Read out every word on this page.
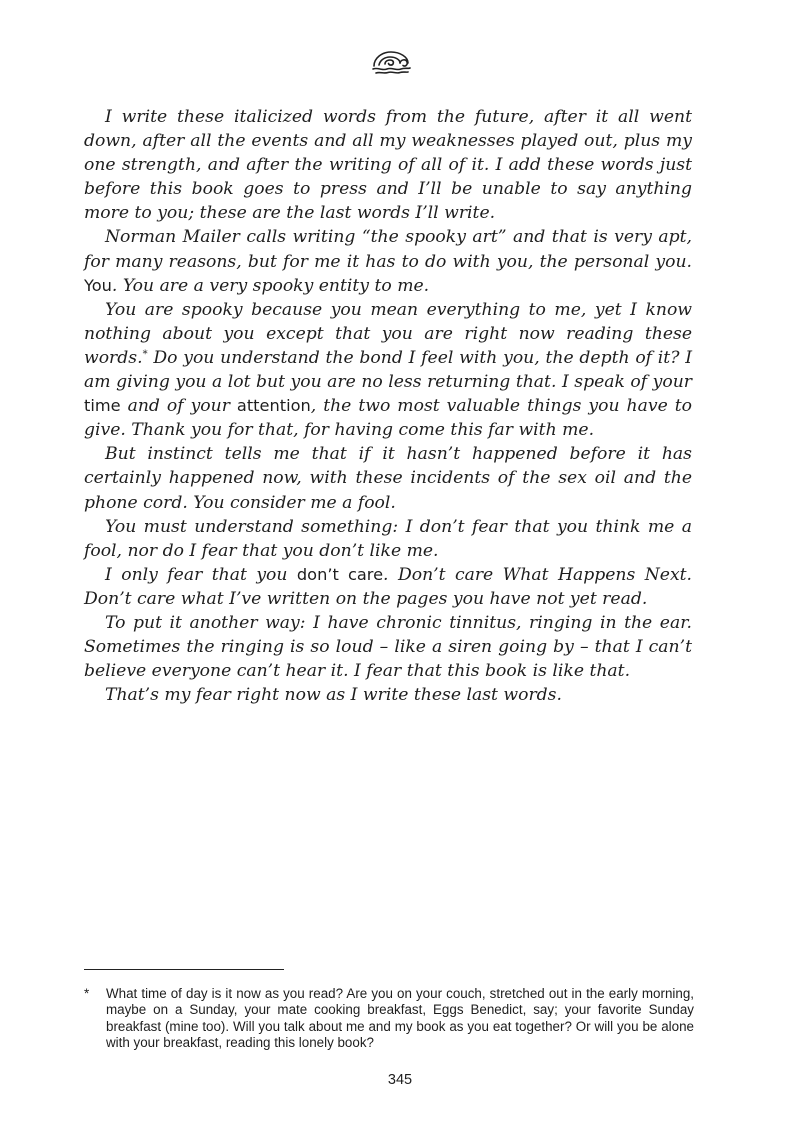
I write these italicized words from the future, after it all went down, after all the events and all my weaknesses played out, plus my one strength, and after the writing of all of it. I add these words just before this book goes to press and I’ll be unable to say anything more to you; these are the last words I’ll write.

Norman Mailer calls writing “the spooky art” and that is very apt, for many reasons, but for me it has to do with you, the personal you. You. You are a very spooky entity to me.

You are spooky because you mean everything to me, yet I know nothing about you except that you are right now reading these words.* Do you understand the bond I feel with you, the depth of it? I am giving you a lot but you are no less returning that. I speak of your time and of your attention, the two most valuable things you have to give. Thank you for that, for having come this far with me.

But instinct tells me that if it hasn’t happened before it has certainly happened now, with these incidents of the sex oil and the phone cord. You consider me a fool.

You must understand something: I don’t fear that you think me a fool, nor do I fear that you don’t like me.

I only fear that you don’t care. Don’t care What Happens Next. Don’t care what I’ve written on the pages you have not yet read.

To put it another way: I have chronic tinnitus, ringing in the ear. Sometimes the ringing is so loud – like a siren going by – that I can’t believe everyone can’t hear it. I fear that this book is like that.

That’s my fear right now as I write these last words.

*	What time of day is it now as you read? Are you on your couch, stretched out in the early morning, maybe on a Sunday, your mate cooking breakfast, Eggs Benedict, say; your favorite Sunday breakfast (mine too). Will you talk about me and my book as you eat together? Or will you be alone with your breakfast, reading this lonely book?
345
